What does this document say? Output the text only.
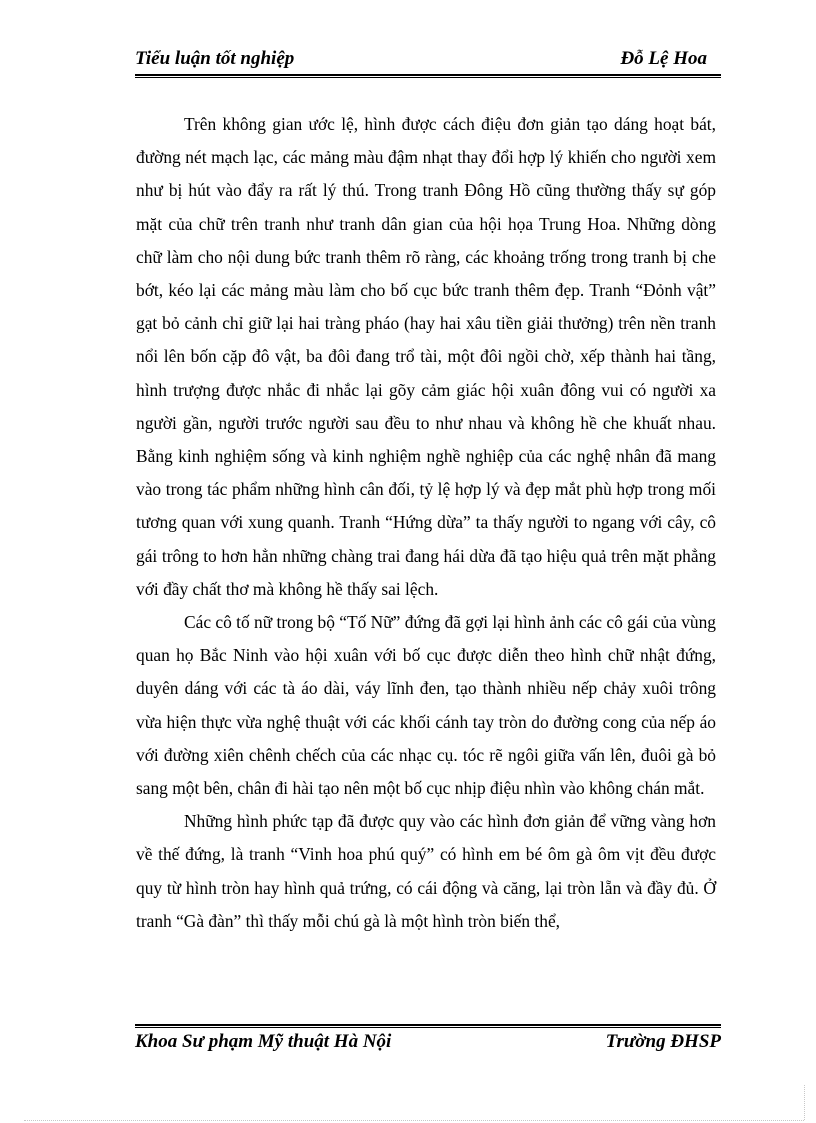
Tiểu luận tốt nghiệp	Đỗ Lệ Hoa

Trên không gian ước lệ, hình được cách điệu đơn giản tạo dáng hoạt bát, đường nét mạch lạc, các mảng màu đậm nhạt thay đổi hợp lý khiến cho người xem như bị hút vào đẩy ra rất lý thú. Trong tranh Đông Hồ cũng thường thấy sự góp mặt của chữ trên tranh như tranh dân gian của hội họa Trung Hoa. Những dòng chữ làm cho nội dung bức tranh thêm rõ ràng, các khoảng trống trong tranh bị che bớt, kéo lại các mảng màu làm cho bố cục bức tranh thêm đẹp. Tranh “Đỏnh vật” gạt bỏ cảnh chỉ giữ lại hai tràng pháo (hay hai xâu tiền giải thưởng) trên nền tranh nổi lên bốn cặp đô vật, ba đôi đang trổ tài, một đôi ngồi chờ, xếp thành hai tầng, hình trượng được nhắc đi nhắc lại gõy cảm giác hội xuân đông vui có người xa người gần, người trước người sau đều to như nhau và không hề che khuất nhau. Bằng kinh nghiệm sống và kinh nghiệm nghề nghiệp của các nghệ nhân đã mang vào trong tác phẩm những hình cân đối, tỷ lệ hợp lý và đẹp mắt phù hợp trong mối tương quan với xung quanh. Tranh “Hứng dừa” ta thấy người to ngang với cây, cô gái trông to hơn hẳn những chàng trai đang hái dừa đã tạo hiệu quả trên mặt phẳng với đầy chất thơ mà không hề thấy sai lệch.

Các cô tố nữ trong bộ “Tố Nữ” đứng đã gợi lại hình ảnh các cô gái của vùng quan họ Bắc Ninh vào hội xuân với bố cục được diễn theo hình chữ nhật đứng, duyên dáng với các tà áo dài, váy lĩnh đen, tạo thành nhiều nếp chảy xuôi trông vừa hiện thực vừa nghệ thuật với các khối cánh tay tròn do đường cong của nếp áo với đường xiên chênh chếch của các nhạc cụ. tóc rẽ ngôi giữa vấn lên, đuôi gà bỏ sang một bên, chân đi hài tạo nên một bố cục nhịp điệu nhìn vào không chán mắt.

Những hình phức tạp đã được quy vào các hình đơn giản để vững vàng hơn về thế đứng, là tranh “Vinh hoa phú quý” có hình em bé ôm gà ôm vịt đều được quy từ hình tròn hay hình quả trứng, có cái động và căng, lại tròn lẵn và đầy đủ. Ở tranh “Gà đàn” thì thấy mỗi chú gà là một hình tròn biến thể,

Khoa Sư phạm Mỹ thuật Hà Nội	Trường ĐHSP
